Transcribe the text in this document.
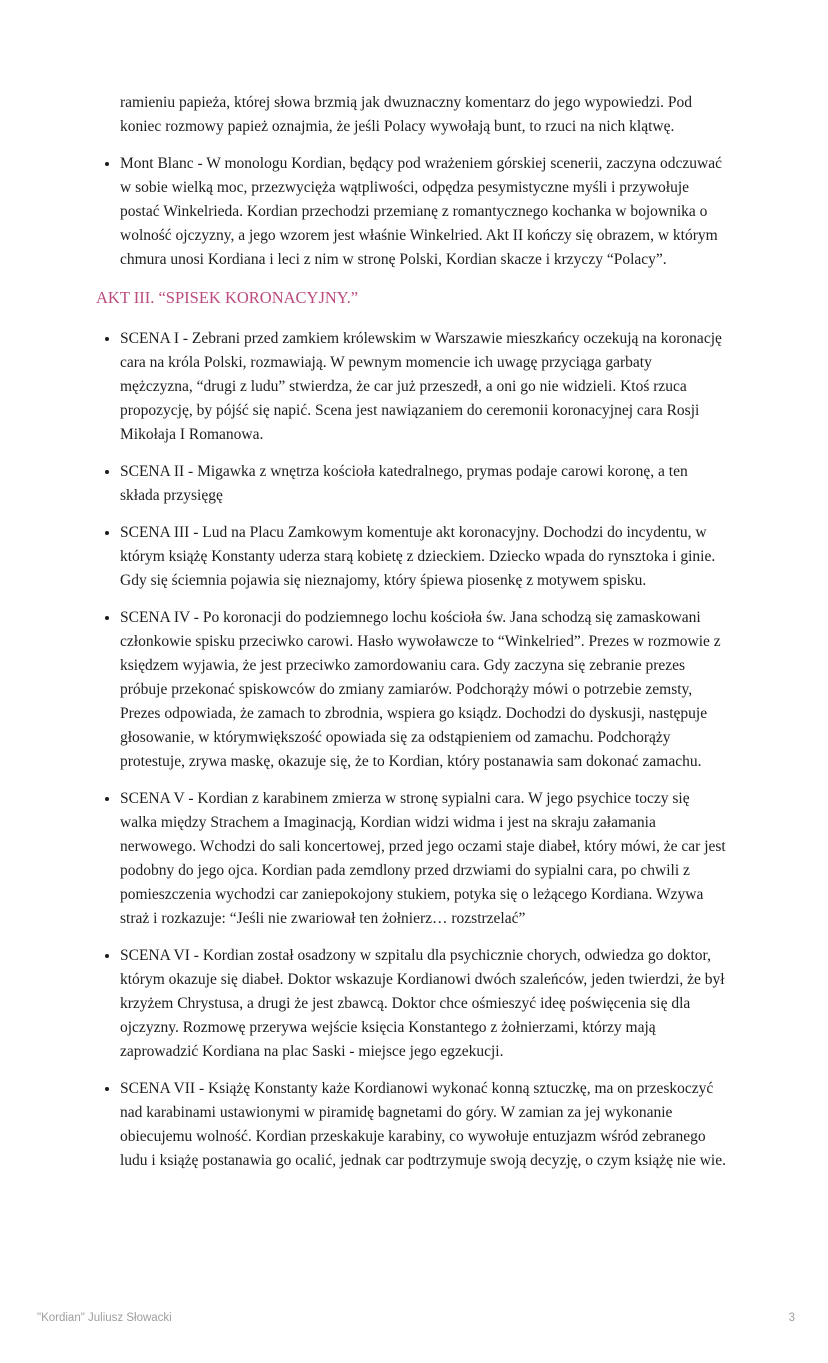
ramieniu papieża, której słowa brzmią jak dwuznaczny komentarz do jego wypowiedzi. Pod koniec rozmowy papież oznajmia, że jeśli Polacy wywołają bunt, to rzuci na nich klątwę.

• Mont Blanc - W monologu Kordian, będący pod wrażeniem górskiej scenerii, zaczyna odczuwać w sobie wielką moc, przezwycięża wątpliwości, odpędza pesymistyczne myśli i przywołuje postać Winkelrieda. Kordian przechodzi przemianę z romantycznego kochanka w bojownika o wolność ojczyzny, a jego wzorem jest właśnie Winkelried. Akt II kończy się obrazem, w którym chmura unosi Kordiana i leci z nim w stronę Polski, Kordian skacze i krzyczy “Polacy”.
AKT III. “SPISEK KORONACYJNY.”
• SCENA I - Zebrani przed zamkiem królewskim w Warszawie mieszkańcy oczekują na koronację cara na króla Polski, rozmawiają. W pewnym momencie ich uwagę przyciąga garbaty mężczyzna, “drugi z ludu” stwierdza, że car już przeszedł, a oni go nie widzieli. Ktoś rzuca propozycję, by pójść się napić. Scena jest nawiązaniem do ceremonii koronacyjnej cara Rosji Mikołaja I Romanowa.
• SCENA II - Migawka z wnętrza kościoła katedralnego, prymas podaje carowi koronę, a ten składa przysięgę
• SCENA III - Lud na Placu Zamkowym komentuje akt koronacyjny. Dochodzi do incydentu, w którym książę Konstanty uderza starą kobietę z dzieckiem. Dziecko wpada do rynsztoka i ginie. Gdy się ściemnia pojawia się nieznajomy, który śpiewa piosenkę z motywem spisku.
• SCENA IV - Po koronacji do podziemnego lochu kościoła św. Jana schodzą się zamaskowani członkowie spisku przeciwko carowi. Hasło wywoławcze to “Winkelried”. Prezes w rozmowie z księdzem wyjawia, że jest przeciwko zamordowaniu cara. Gdy zaczyna się zebranie prezes próbuje przekonać spiskowców do zmiany zamiarów. Podchorąży mówi o potrzebie zemsty, Prezes odpowiada, że zamach to zbrodnia, wspiera go ksiądz. Dochodzi do dyskusji, następuje głosowanie, w którymwiększość opowiada się za odstąpieniem od zamachu. Podchorąży protestuje, zrywa maskę, okazuje się, że to Kordian, który postanawia sam dokonać zamachu.
• SCENA V - Kordian z karabinem zmierza w stronę sypialni cara. W jego psychice toczy się walka między Strachem a Imaginacją, Kordian widzi widma i jest na skraju załamania nerwowego. Wchodzi do sali koncertowej, przed jego oczami staje diabeł, który mówi, że car jest podobny do jego ojca. Kordian pada zemdlony przed drzwiami do sypialni cara, po chwili z pomieszczenia wychodzi car zaniepokojony stukiem, potyka się o leżącego Kordiana. Wzywa straż i rozkazuje: “Jeśli nie zwariował ten żołnierz… rozstrzelać”
• SCENA VI - Kordian został osadzony w szpitalu dla psychicznie chorych, odwiedza go doktor, którym okazuje się diabeł. Doktor wskazuje Kordianowi dwóch szaleńców, jeden twierdzi, że był krzyżem Chrystusa, a drugi że jest zbawcą. Doktor chce ośmieszyć ideę poświęcenia się dla ojczyzny. Rozmowę przerywa wejście księcia Konstantego z żołnierzami, którzy mają zaprowadzić Kordiana na plac Saski - miejsce jego egzekucji.
• SCENA VII - Książę Konstanty każe Kordianowi wykonać konną sztuczkę, ma on przeskoczyć nad karabinami ustawionymi w piramidę bagnetami do góry. W zamian za jej wykonanie obiecujemu wolność. Kordian przeskakuje karabiny, co wywołuje entuzjazm wśród zebranego ludu i książę postanawia go ocalić, jednak car podtrzymuje swoją decyzję, o czym książę nie wie.
"Kordian" Juliusz Słowacki	3
